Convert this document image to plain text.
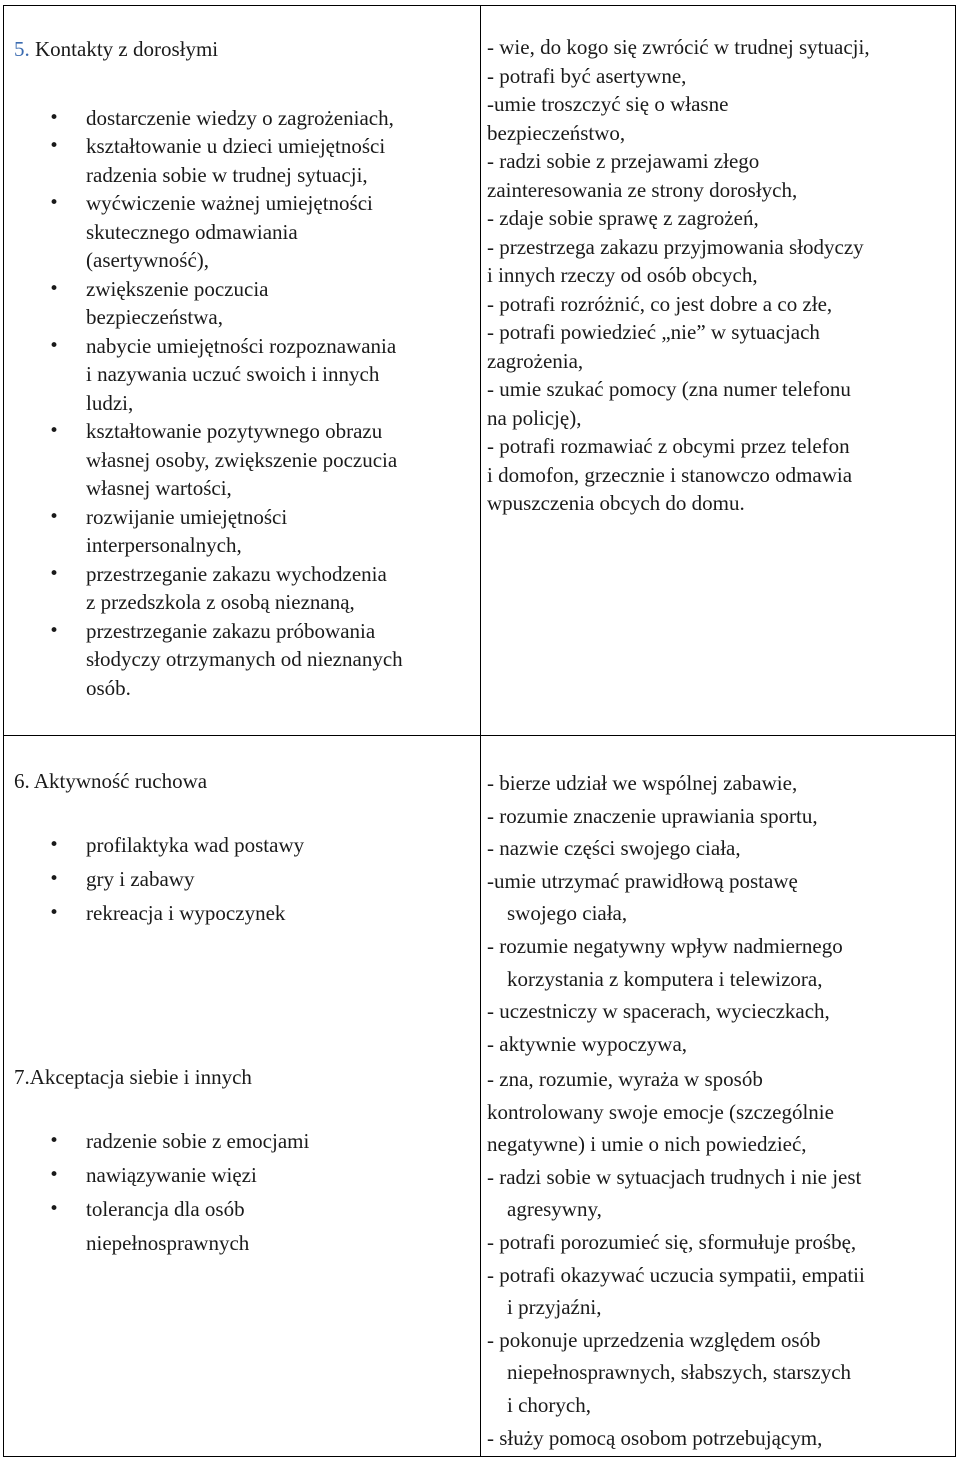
5. Kontakty z dorosłymi

• dostarczenie wiedzy o zagrożeniach,
• kształtowanie u dzieci umiejętności
radzenia sobie w trudnej sytuacji,
• wyćwiczenie ważnej umiejętności
skutecznego odmawiania
(asertywność),
• zwiększenie poczucia
bezpieczeństwa,
• nabycie umiejętności rozpoznawania
i nazywania uczuć swoich i innych
ludzi,
• kształtowanie pozytywnego obrazu
własnej osoby, zwiększenie poczucia
własnej wartości,
• rozwijanie umiejętności
interpersonalnych,
• przestrzeganie zakazu wychodzenia
z przedszkola z osobą nieznaną,
• przestrzeganie zakazu próbowania
słodyczy otrzymanych od nieznanych
osób.

- wie, do kogo się zwrócić w trudnej sytuacji,

- potrafi być asertywne,

-umie troszczyć się o własne

bezpieczeństwo,

- radzi sobie z przejawami złego

zainteresowania ze strony dorosłych,

- zdaje sobie sprawę z zagrożeń,

- przestrzega zakazu przyjmowania słodyczy

i innych rzeczy od osób obcych,

- potrafi rozróżnić, co jest dobre a co złe,

- potrafi powiedzieć „nie” w sytuacjach

zagrożenia,

- umie szukać pomocy (zna numer telefonu

na policję),

- potrafi rozmawiać z obcymi przez telefon

i domofon, grzecznie i stanowczo odmawia

wpuszczenia obcych do domu.

6. Aktywność ruchowa

• profilaktyka wad postawy
• gry i zabawy
• rekreacja i wypoczynek

- bierze udział we wspólnej zabawie,

- rozumie znaczenie uprawiania sportu,

- nazwie części swojego ciała,

-umie utrzymać prawidłową postawę

swojego ciała,

- rozumie negatywny wpływ nadmiernego

korzystania z komputera i telewizora,

- uczestniczy w spacerach, wycieczkach,

- aktywnie wypoczywa,

7.Akceptacja siebie i innych

• radzenie sobie z emocjami
• nawiązywanie więzi
• tolerancja dla osób
niepełnosprawnych

- zna, rozumie, wyraża w sposób

kontrolowany swoje emocje (szczególnie

negatywne) i umie o nich powiedzieć,

- radzi sobie w sytuacjach trudnych i nie jest

agresywny,

- potrafi porozumieć się, sformułuje prośbę,

- potrafi okazywać uczucia sympatii, empatii

i przyjaźni,

- pokonuje uprzedzenia względem osób

niepełnosprawnych, słabszych, starszych

i chorych,

- służy pomocą osobom potrzebującym,
